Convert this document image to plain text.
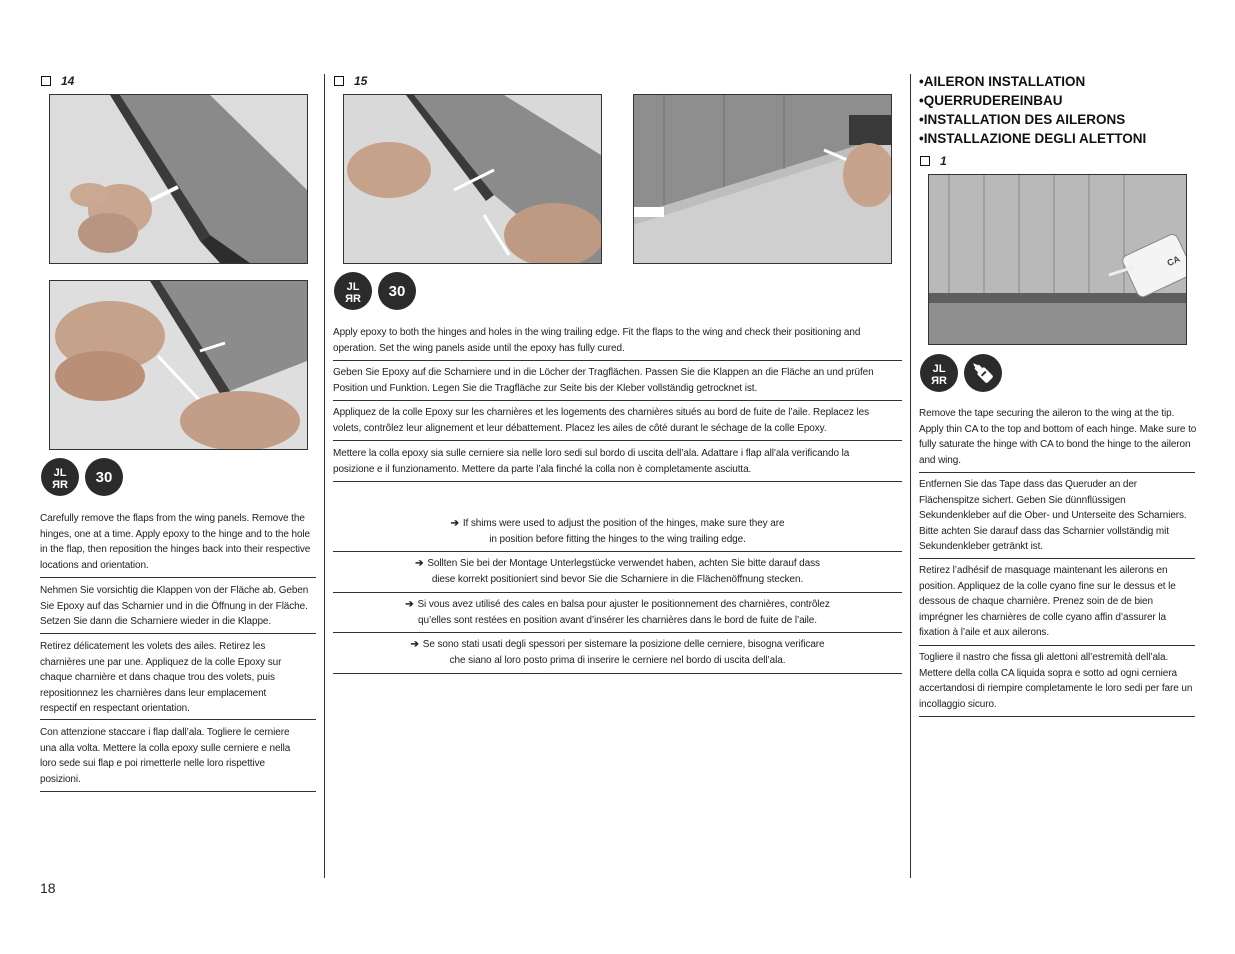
14
JL
ЯR 30
Carefully remove the flaps from the wing panels. Remove the hinges, one at a time. Apply epoxy to the hinge and to the hole in the flap, then reposition the hinges back into their respective locations and orientation.
Nehmen Sie vorsichtig die Klappen von der Fläche ab. Geben Sie Epoxy auf das Scharnier und in die Öffnung in der Fläche. Setzen Sie dann die Scharniere wieder in die Klappe.
Retirez délicatement les volets des ailes. Retirez les charnières une par une. Appliquez de la colle Epoxy sur chaque charnière et dans chaque trou des volets, puis repositionnez les charnières dans leur emplacement respectif en respectant orientation.
Con attenzione staccare i flap dall’ala. Togliere le cerniere una alla volta. Mettere la colla epoxy sulle cerniere e nella loro sede sui flap e poi rimetterle nelle loro rispettive posizioni.
18
15
JL
ЯR 30
Apply epoxy to both the hinges and holes in the wing trailing edge. Fit the flaps to the wing and check their positioning and operation. Set the wing panels aside until the epoxy has fully cured.
Geben Sie Epoxy auf die Scharniere und in die Löcher der Tragflächen. Passen Sie die Klappen an die Fläche an und prüfen Position und Funktion. Legen Sie die Tragfläche zur Seite bis der Kleber vollständig getrocknet ist.
Appliquez de la colle Epoxy sur les charnières et les logements des charnières situés au bord de fuite de l’aile. Replacez les volets, contrôlez leur alignement et leur débattement. Placez les ailes de côté durant le séchage de la colle Epoxy.
Mettere la colla epoxy sia sulle cerniere sia nelle loro sedi sul bordo di uscita dell’ala. Adattare i flap all’ala verificando la posizione e il funzionamento. Mettere da parte l’ala finché la colla non è completamente asciutta.
➔ If shims were used to adjust the position of the hinges, make sure they are
in position before fitting the hinges to the wing trailing edge.
➔ Sollten Sie bei der Montage Unterlegstücke verwendet haben, achten Sie bitte darauf dass
diese korrekt positioniert sind bevor Sie die Scharniere in die Flächenöffnung stecken.
➔ Si vous avez utilisé des cales en balsa pour ajuster le positionnement des charnières, contrôlez
qu’elles sont restées en position avant d’insérer les charnières dans le bord de fuite de l’aile.
➔ Se sono stati usati degli spessori per sistemare la posizione delle cerniere, bisogna verificare
che siano al loro posto prima di inserire le cerniere nel bordo di uscita dell’ala.
•AILERON INSTALLATION
•QUERRUDEREINBAU
•INSTALLATION DES AILERONS
•INSTALLAZIONE DEGLI ALETTONI
1
CA
JL
ЯR
Remove the tape securing the aileron to the wing at the tip. Apply thin CA to the top and bottom of each hinge. Make sure to fully saturate the hinge with CA to bond the hinge to the aileron and wing.
Entfernen Sie das Tape dass das Queruder an der Flächenspitze sichert. Geben Sie dünnflüssigen Sekundenkleber auf die Ober- und Unterseite des Scharniers. Bitte achten Sie darauf dass das Scharnier vollständig mit Sekundenkleber getränkt ist.
Retirez l’adhésif de masquage maintenant les ailerons en position. Appliquez de la colle cyano fine sur le dessus et le dessous de chaque charnière. Prenez soin de de bien imprégner les charnières de colle cyano affin d’assurer la fixation à l’aile et aux ailerons.
Togliere il nastro che fissa gli alettoni all’estremità dell’ala. Mettere della colla CA liquida sopra e sotto ad ogni cerniera accertandosi di riempire completamente le loro sedi per fare un incollaggio sicuro.
